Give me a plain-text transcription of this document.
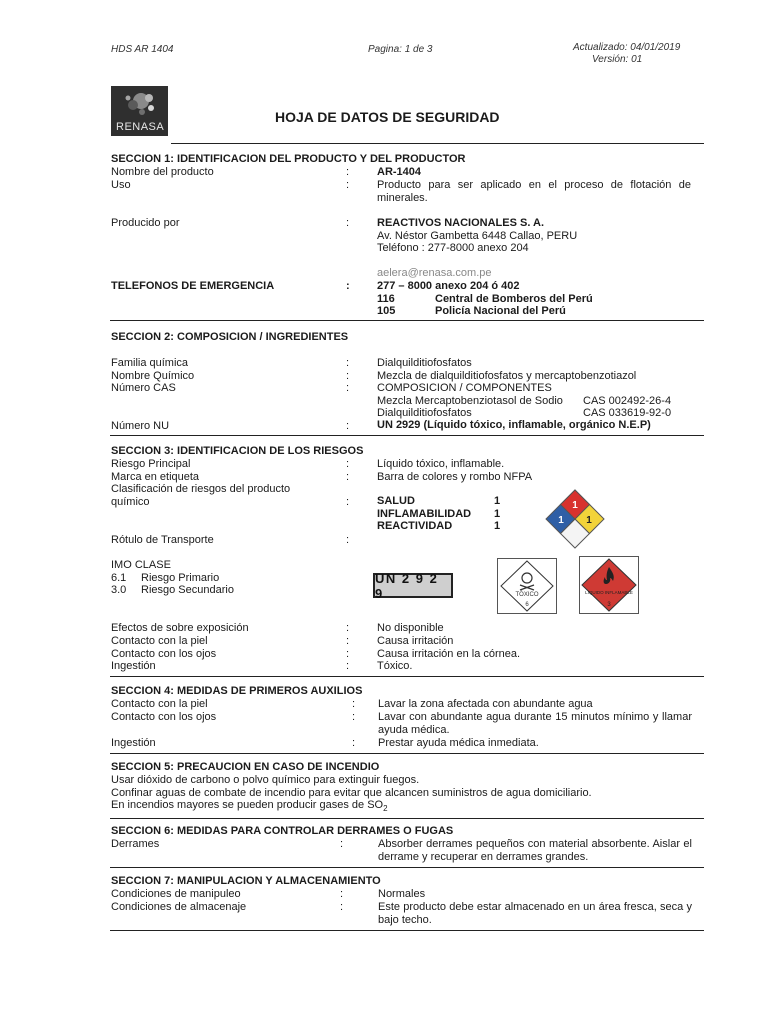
HDS AR 1404	Pagina: 1 de 3	Actualizado: 04/01/2019
Versión: 01
RENASA
HOJA DE DATOS DE SEGURIDAD
SECCION 1: IDENTIFICACION DEL PRODUCTO Y DEL PRODUCTOR
Nombre del producto	:	AR-1404
Uso	:	Producto para ser aplicado en el proceso de flotación de minerales.
Producido por	:	REACTIVOS NACIONALES S. A.
Av. Néstor Gambetta 6448 Callao, PERU
Teléfono : 277-8000 anexo 204
aelera@renasa.com.pe
TELEFONOS DE EMERGENCIA	: 277 – 8000 anexo 204 ó 402
116	Central de Bomberos del Perú
105	Policía Nacional del Perú
SECCION 2: COMPOSICION / INGREDIENTES
Familia química	:	Dialquilditiofosfatos
Nombre Químico	:	Mezcla de dialquilditiofosfatos y mercaptobenzotiazol
Número CAS	:	COMPOSICION / COMPONENTES
Mezcla Mercaptobenziotasol de Sodio CAS 002492-26-4
Dialquilditiofosfatos	CAS 033619-92-0
Número NU	:	UN 2929 (Líquido tóxico, inflamable, orgánico N.E.P)
SECCION 3: IDENTIFICACION DE LOS RIESGOS
Riesgo Principal	:	Líquido tóxico, inflamable.
Marca en etiqueta	:	Barra de colores y rombo NFPA
Clasificación de riesgos del producto
químico	:	SALUD	1
INFLAMABILIDAD 1
REACTIVIDAD	1
1
1 1
Rótulo de Transporte	:
IMO CLASE
6.1 Riesgo Primario
3.0 Riesgo Secundario
UN 2 9 2 9	TÓXICO
6
LIQUIDO INFLAMABLE
3
Efectos de sobre exposición	:	No disponible
Contacto con la piel	:	Causa irritación
Contacto con los ojos	:	Causa irritación en la córnea.
Ingestión	:	Tóxico.
SECCION 4: MEDIDAS DE PRIMEROS AUXILIOS
Contacto con la piel	: Lavar la zona afectada con abundante agua
Contacto con los ojos	: Lavar con abundante agua durante 15 minutos mínimo y llamar ayuda médica.
Ingestión	: Prestar ayuda médica inmediata.
SECCION 5: PRECAUCION EN CASO DE INCENDIO
Usar dióxido de carbono o polvo químico para extinguir fuegos.
Confinar aguas de combate de incendio para evitar que alcancen suministros de agua domiciliario.
En incendios mayores se pueden producir gases de $SO_2$
SECCION 6: MEDIDAS PARA CONTROLAR DERRAMES O FUGAS
Derrames	:	Absorber derrames pequeños con material absorbente. Aislar el derrame y recuperar en derrames grandes.
SECCION 7: MANIPULACION Y ALMACENAMIENTO
Condiciones de manipuleo	:	Normales
Condiciones de almacenaje	:	Este producto debe estar almacenado en un área fresca, seca y bajo techo.
